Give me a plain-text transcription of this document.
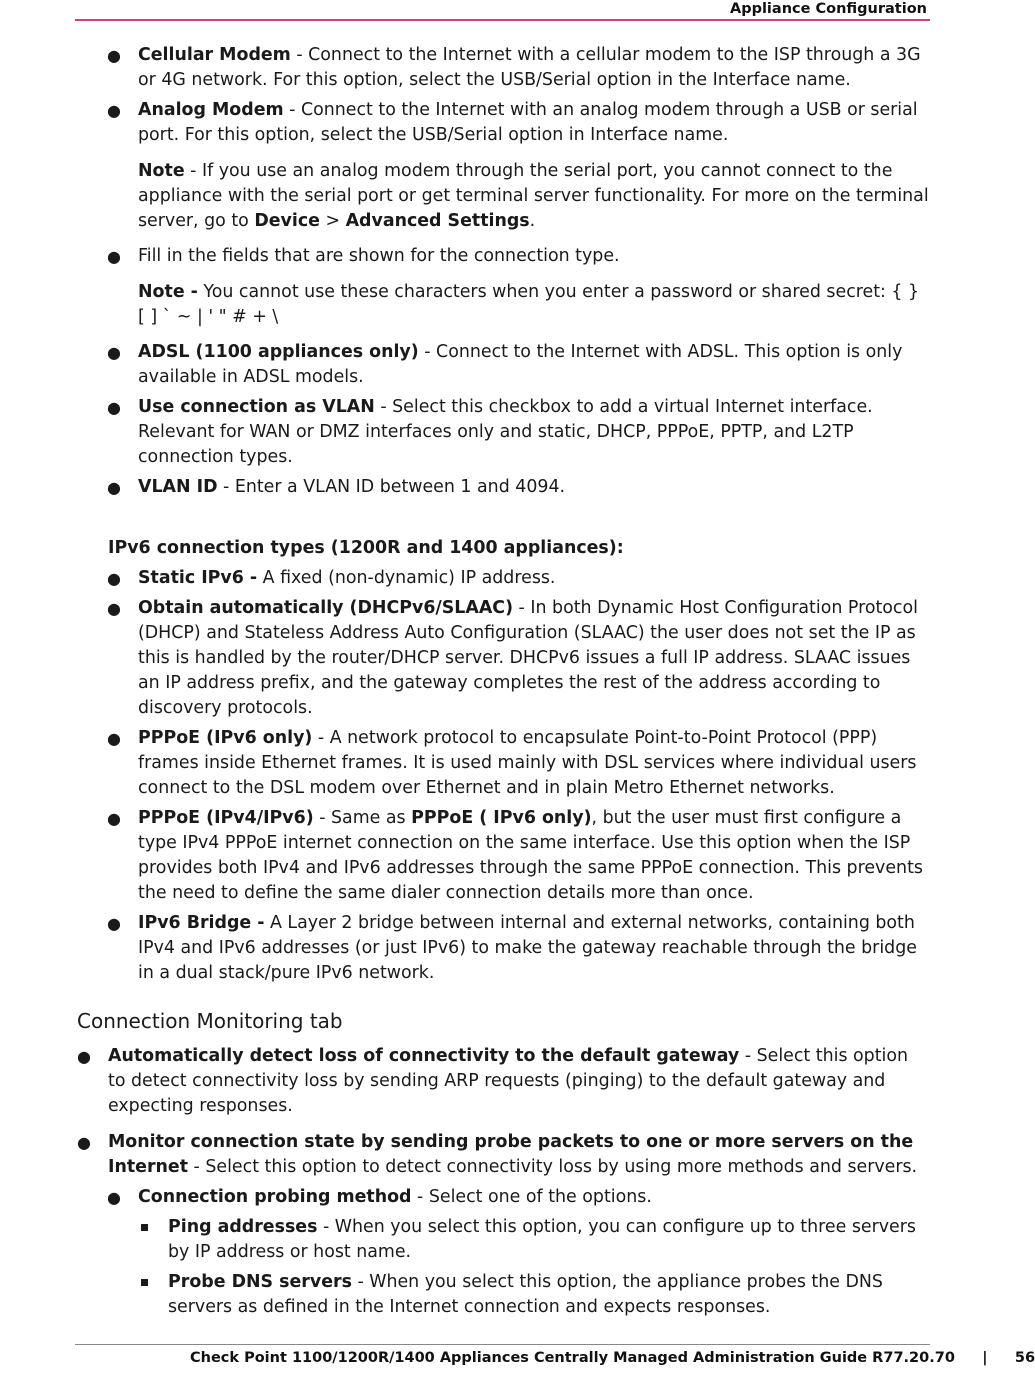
Appliance Configuration
● Cellular Modem - Connect to the Internet with a cellular modem to the ISP through a 3G or 4G network. For this option, select the USB/Serial option in the Interface name.
● Analog Modem - Connect to the Internet with an analog modem through a USB or serial port. For this option, select the USB/Serial option in Interface name.
Note - If you use an analog modem through the serial port, you cannot connect to the appliance with the serial port or get terminal server functionality. For more on the terminal server, go to Device > Advanced Settings.
● Fill in the fields that are shown for the connection type.
Note - You cannot use these characters when you enter a password or shared secret: { } [ ] ` ~ | ' " # + \
● ADSL (1100 appliances only) - Connect to the Internet with ADSL. This option is only available in ADSL models.
● Use connection as VLAN - Select this checkbox to add a virtual Internet interface. Relevant for WAN or DMZ interfaces only and static, DHCP, PPPoE, PPTP, and L2TP connection types.
● VLAN ID - Enter a VLAN ID between 1 and 4094.
IPv6 connection types (1200R and 1400 appliances):
● Static IPv6 - A fixed (non-dynamic) IP address.
● Obtain automatically (DHCPv6/SLAAC) - In both Dynamic Host Configuration Protocol (DHCP) and Stateless Address Auto Configuration (SLAAC) the user does not set the IP as this is handled by the router/DHCP server. DHCPv6 issues a full IP address. SLAAC issues an IP address prefix, and the gateway completes the rest of the address according to discovery protocols.
● PPPoE (IPv6 only) - A network protocol to encapsulate Point-to-Point Protocol (PPP) frames inside Ethernet frames. It is used mainly with DSL services where individual users connect to the DSL modem over Ethernet and in plain Metro Ethernet networks.
● PPPoE (IPv4/IPv6) - Same as PPPoE ( IPv6 only), but the user must first configure a type IPv4 PPPoE internet connection on the same interface. Use this option when the ISP provides both IPv4 and IPv6 addresses through the same PPPoE connection. This prevents the need to define the same dialer connection details more than once.
● IPv6 Bridge - A Layer 2 bridge between internal and external networks, containing both IPv4 and IPv6 addresses (or just IPv6) to make the gateway reachable through the bridge in a dual stack/pure IPv6 network.
Connection Monitoring tab
● Automatically detect loss of connectivity to the default gateway - Select this option to detect connectivity loss by sending ARP requests (pinging) to the default gateway and expecting responses.
● Monitor connection state by sending probe packets to one or more servers on the Internet - Select this option to detect connectivity loss by using more methods and servers.
● Connection probing method - Select one of the options.
Ping addresses - When you select this option, you can configure up to three servers by IP address or host name.
Probe DNS servers - When you select this option, the appliance probes the DNS servers as defined in the Internet connection and expects responses.
Check Point 1100/1200R/1400 Appliances Centrally Managed Administration Guide R77.20.70 | 56
